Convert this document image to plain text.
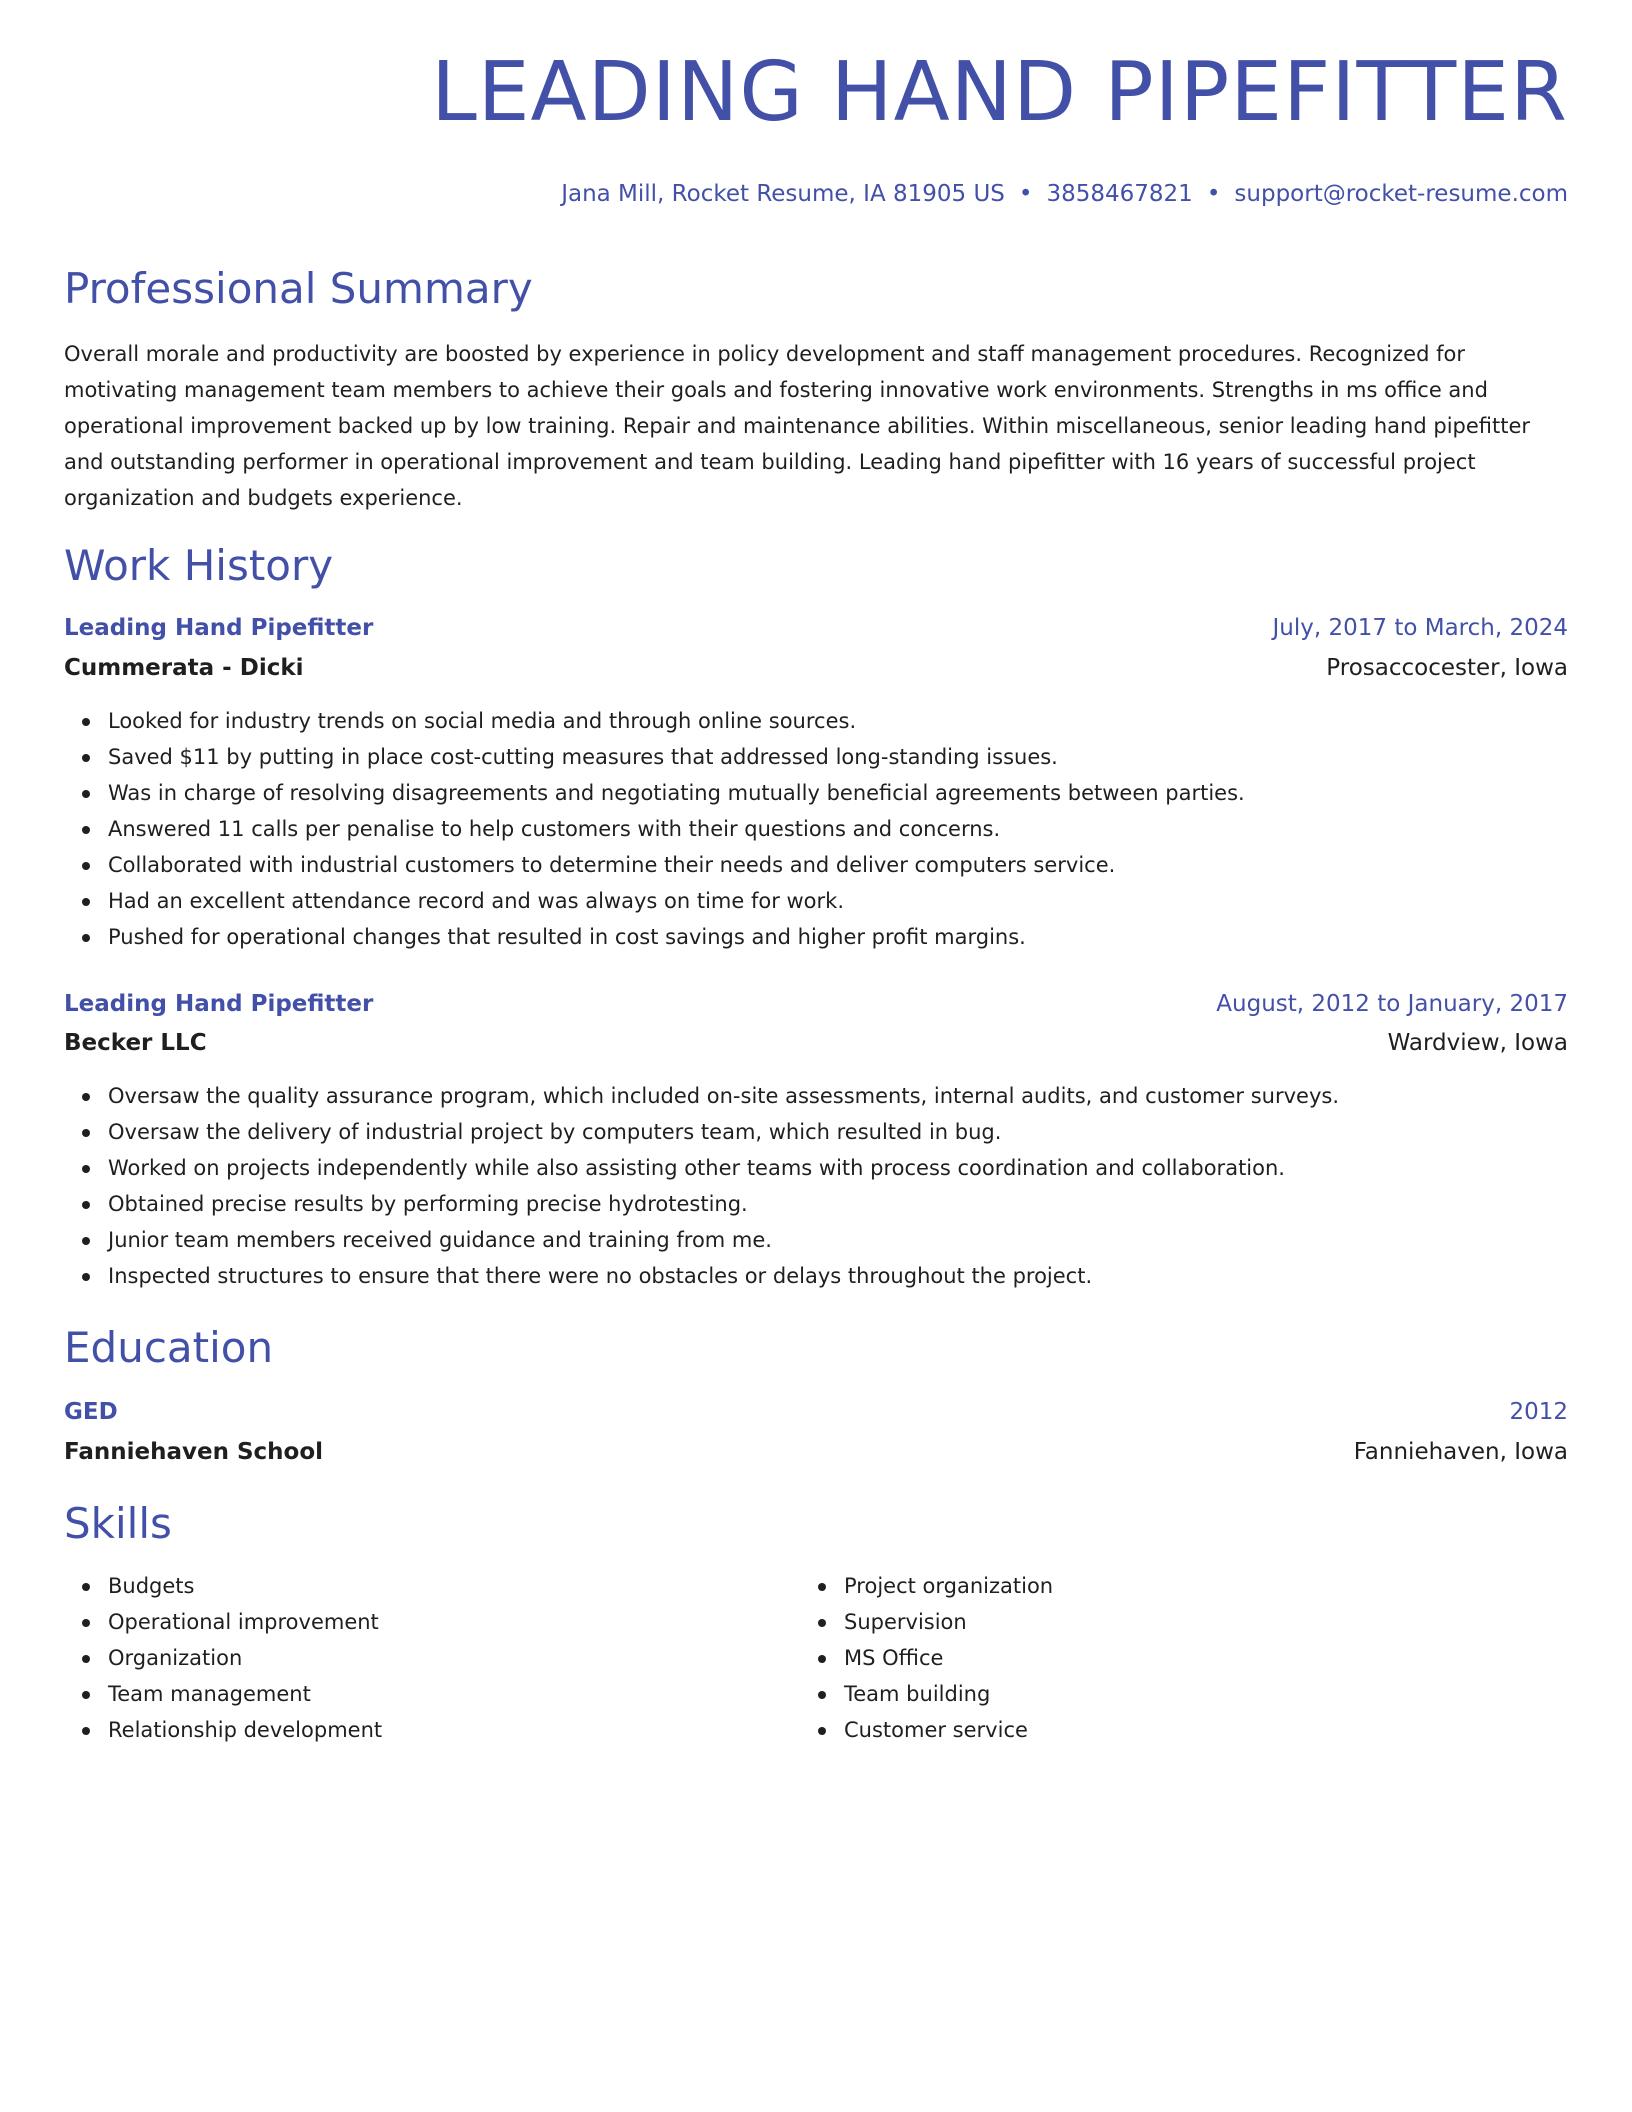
LEADING HAND PIPEFITTER
Jana Mill, Rocket Resume, IA 81905 US • 3858467821 • support@rocket-resume.com
Professional Summary
Overall morale and productivity are boosted by experience in policy development and staff management procedures. Recognized for motivating management team members to achieve their goals and fostering innovative work environments. Strengths in ms office and operational improvement backed up by low training. Repair and maintenance abilities. Within miscellaneous, senior leading hand pipefitter and outstanding performer in operational improvement and team building. Leading hand pipefitter with 16 years of successful project organization and budgets experience.
Work History
Leading Hand Pipefitter	July, 2017 to March, 2024
Cummerata - Dicki	Prosaccocester, Iowa
Looked for industry trends on social media and through online sources.
Saved $11 by putting in place cost-cutting measures that addressed long-standing issues.
Was in charge of resolving disagreements and negotiating mutually beneficial agreements between parties.
Answered 11 calls per penalise to help customers with their questions and concerns.
Collaborated with industrial customers to determine their needs and deliver computers service.
Had an excellent attendance record and was always on time for work.
Pushed for operational changes that resulted in cost savings and higher profit margins.
Leading Hand Pipefitter	August, 2012 to January, 2017
Becker LLC	Wardview, Iowa
Oversaw the quality assurance program, which included on-site assessments, internal audits, and customer surveys.
Oversaw the delivery of industrial project by computers team, which resulted in bug.
Worked on projects independently while also assisting other teams with process coordination and collaboration.
Obtained precise results by performing precise hydrotesting.
Junior team members received guidance and training from me.
Inspected structures to ensure that there were no obstacles or delays throughout the project.
Education
GED	2012
Fanniehaven School	Fanniehaven, Iowa
Skills
Budgets
Operational improvement
Organization
Team management
Relationship development
Project organization
Supervision
MS Office
Team building
Customer service
